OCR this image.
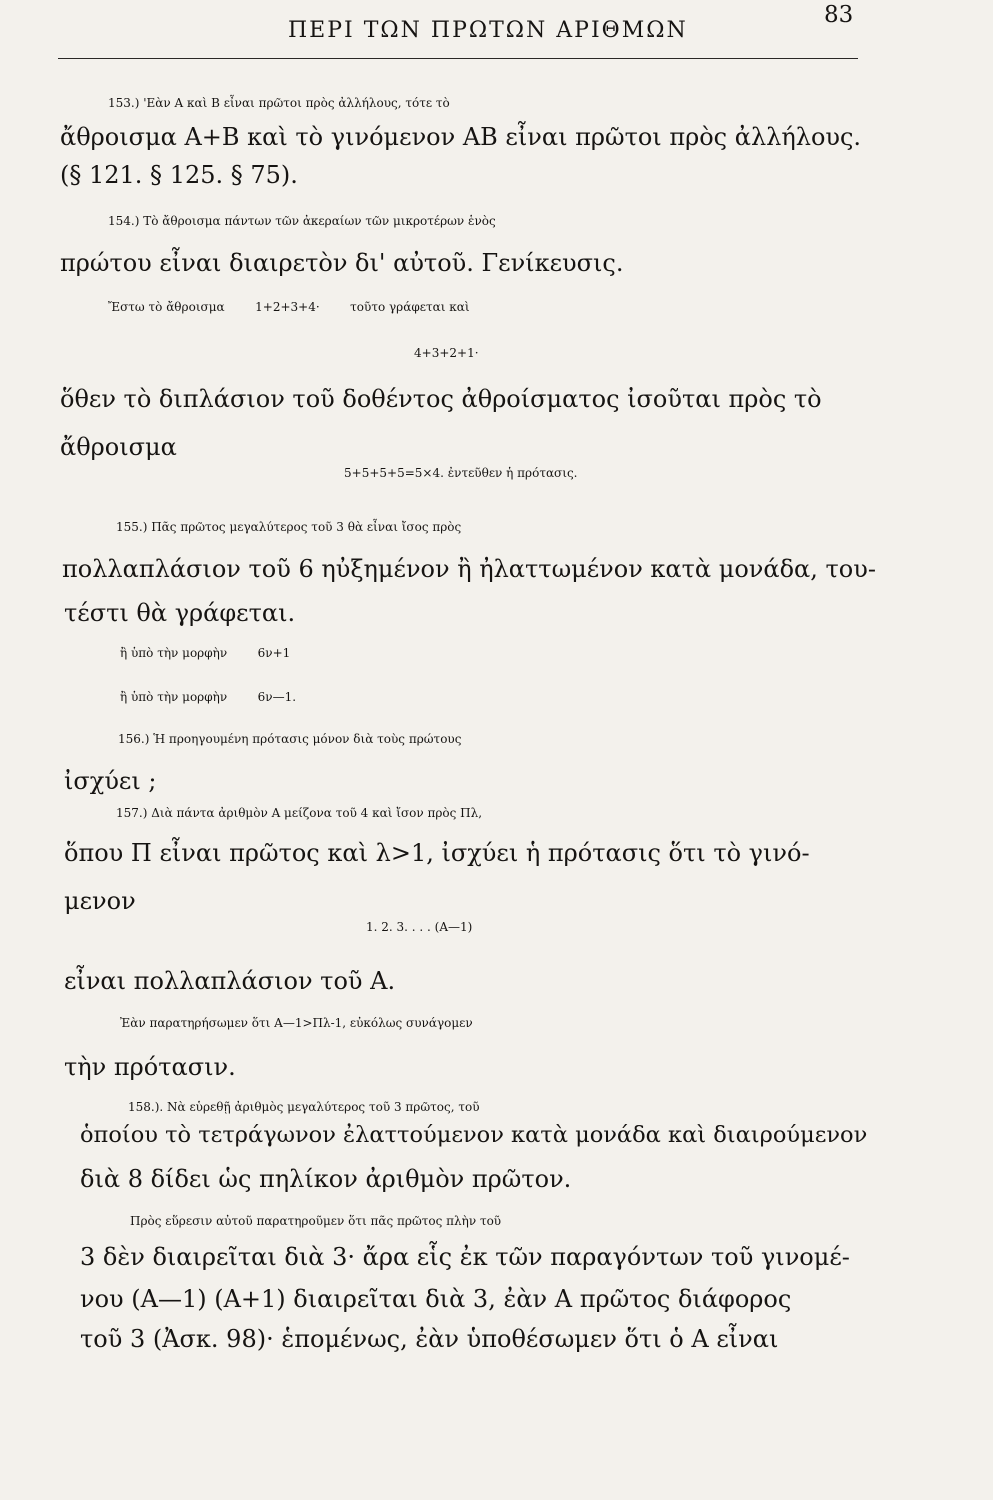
ΠΕΡΙ ΤΩΝ ΠΡΩΤΩΝ ΑΡΙΘΜΩΝ
83
153.) 'Εὰν Α καὶ Β εἶναι πρῶτοι πρὸς ἀλλήλους, τότε τὸ
ἄθροισμα Α+Β καὶ τὸ γινόμενον ΑΒ εἶναι πρῶτοι πρὸς ἀλλήλους.
(§ 121. § 125. § 75).
154.) Τὸ ἄθροισμα πάντων τῶν ἀκεραίων τῶν μικροτέρων ἑνὸς
πρώτου εἶναι διαιρετὸν δι' αὐτοῦ. Γενίκευσις.
Ἔστω τὸ ἄθροισμα        1+2+3+4·        τοῦτο γράφεται καὶ
4+3+2+1·
ὅθεν τὸ διπλάσιον τοῦ δοθέντος ἀθροίσματος ἰσοῦται πρὸς τὸ
ἄθροισμα
5+5+5+5=5×4. ἐντεῦθεν ἡ πρότασις.
155.) Πᾶς πρῶτος μεγαλύτερος τοῦ 3 θὰ εἶναι ἴσος πρὸς
πολλαπλάσιον τοῦ 6 ηὐξημένον ἢ ἠλαττωμένον κατὰ μονάδα, του-
τέστι θὰ γράφεται.
ἢ ὑπὸ τὴν μορφὴν        6ν+1
ἢ ὑπὸ τὴν μορφὴν        6ν—1.
156.) Ἡ προηγουμένη πρότασις μόνον διὰ τοὺς πρώτους
ἰσχύει ;
157.) Διὰ πάντα ἀριθμὸν Α μείζονα τοῦ 4 καὶ ἴσον πρὸς Πλ,
ὅπου Π εἶναι πρῶτος καὶ λ>1, ἰσχύει ἡ πρότασις ὅτι τὸ γινό-
μενον
1. 2. 3. . . . (Α—1)
εἶναι πολλαπλάσιον τοῦ Α.
Ἐὰν παρατηρήσωμεν ὅτι Α—1>Πλ-1, εὐκόλως συνάγομεν
τὴν πρότασιν.
158.). Νὰ εὑρεθῇ ἀριθμὸς μεγαλύτερος τοῦ 3 πρῶτος, τοῦ
ὁποίου τὸ τετράγωνον ἐλαττούμενον κατὰ μονάδα καὶ διαιρούμενον
διὰ 8 δίδει ὡς πηλίκον ἀριθμὸν πρῶτον.
Πρὸς εὕρεσιν αὐτοῦ παρατηροῦμεν ὅτι πᾶς πρῶτος πλὴν τοῦ
3 δὲν διαιρεῖται διὰ 3· ἄρα εἷς ἐκ τῶν παραγόντων τοῦ γινομέ-
νου (Α—1) (Α+1) διαιρεῖται διὰ 3, ἐὰν Α πρῶτος διάφορος
τοῦ 3 (Ἀσκ. 98)· ἑπομένως, ἐὰν ὑποθέσωμεν ὅτι ὁ Α εἶναι
